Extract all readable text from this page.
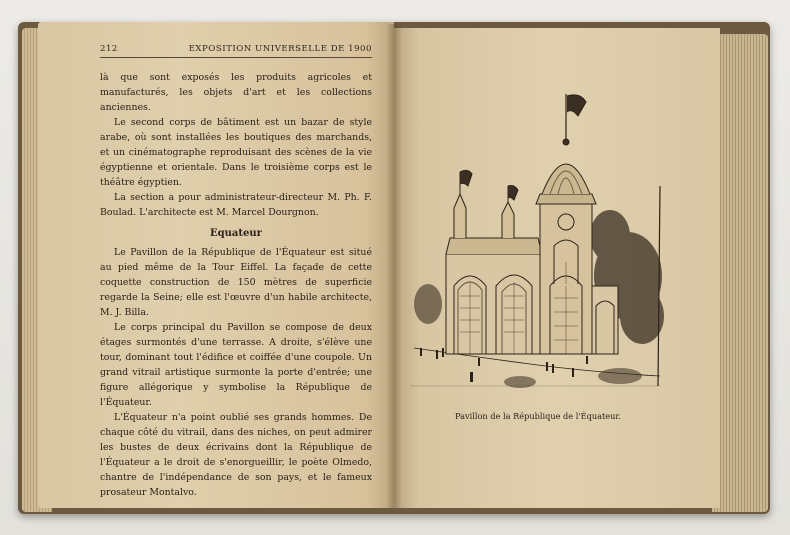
212	EXPOSITION UNIVERSELLE DE 1900

là que sont exposés les produits agricoles et manufacturés, les objets d'art et les collections anciennes.

Le second corps de bâtiment est un bazar de style arabe, où sont installées les boutiques des marchands, et un cinématographe reproduisant des scènes de la vie égyptienne et orientale. Dans le troisième corps est le théâtre égyptien.

La section a pour administrateur-directeur M. Ph. F. Boulad. L'architecte est M. Marcel Dourgnon.

Equateur

Le Pavillon de la République de l'Équateur est situé au pied même de la Tour Eiffel. La façade de cette coquette construction de 150 mètres de superficie regarde la Seine; elle est l'œuvre d'un habile architecte, M. J. Billa.

Le corps principal du Pavillon se compose de deux étages surmontés d'une terrasse. A droite, s'élève une tour, dominant tout l'édifice et coiffée d'une coupole. Un grand vitrail artistique surmonte la porte d'entrée; une figure allégorique y symbolise la République de l'Équateur.

L'Équateur n'a point oublié ses grands hommes. De chaque côté du vitrail, dans des niches, on peut admirer les bustes de deux écrivains dont la République de l'Équateur a le droit de s'enorgueillir, le poète Olmedo, chantre de l'indépendance de son pays, et le fameux prosateur Montalvo.

Pavillon de la République de l'Équateur.
